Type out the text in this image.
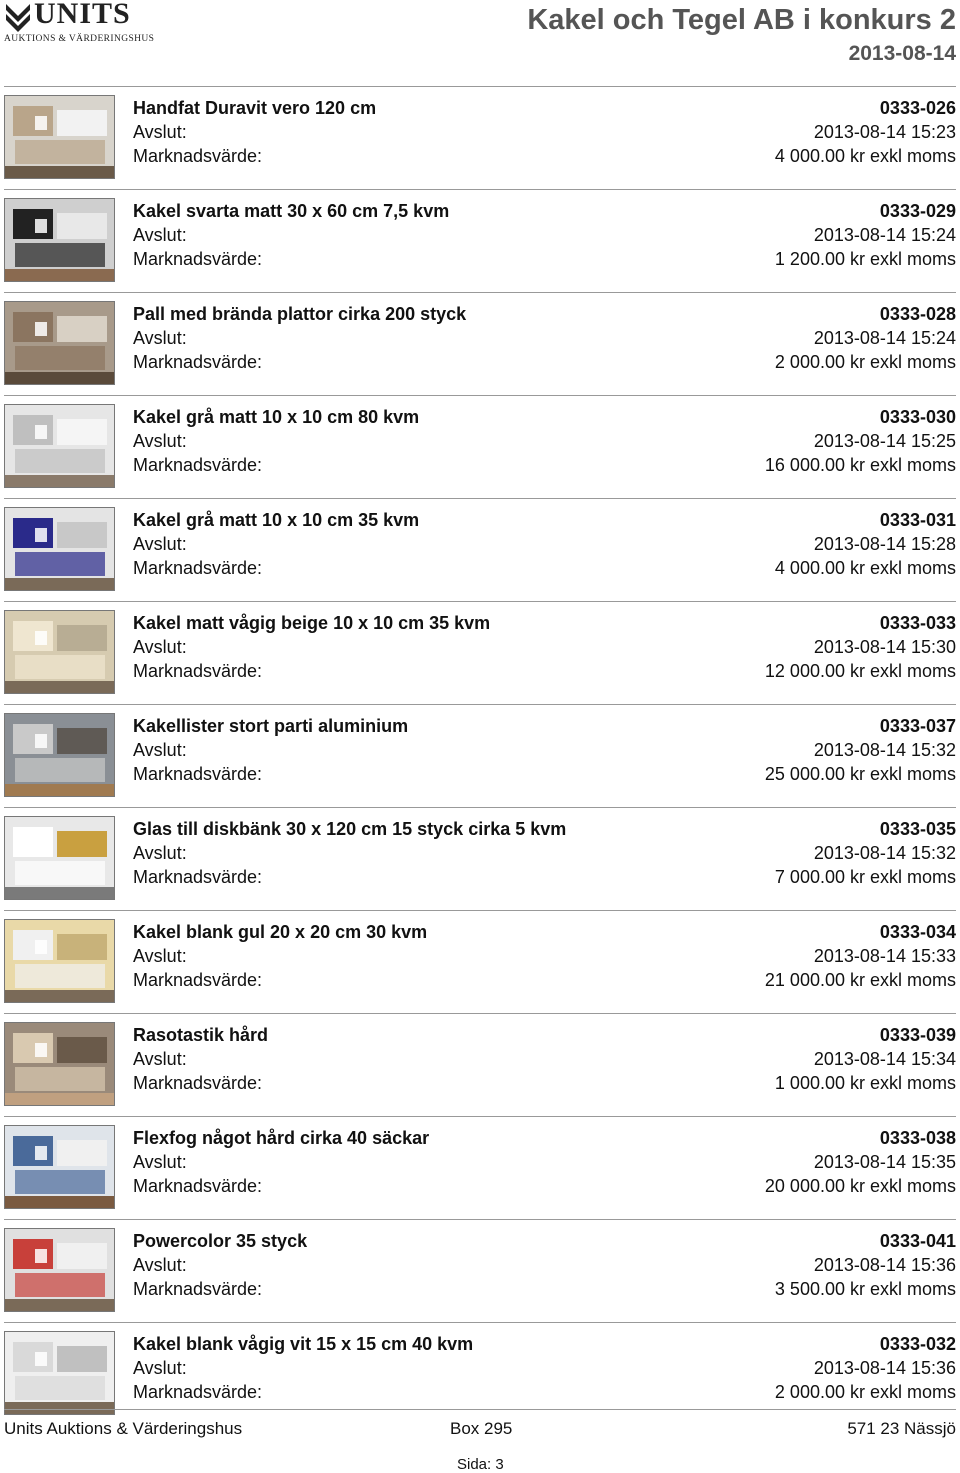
UNITS
AUKTIONS & VÄRDERINGSHUS
Kakel och Tegel AB i konkurs 2
2013-08-14
Handfat Duravit vero 120 cm	0333-026
Avslut:	2013-08-14 15:23
Marknadsvärde:	4 000.00 kr exkl moms
Kakel svarta matt 30 x 60 cm 7,5 kvm	0333-029
Avslut:	2013-08-14 15:24
Marknadsvärde:	1 200.00 kr exkl moms
Pall med brända plattor cirka 200 styck	0333-028
Avslut:	2013-08-14 15:24
Marknadsvärde:	2 000.00 kr exkl moms
Kakel grå matt 10 x 10 cm 80 kvm	0333-030
Avslut:	2013-08-14 15:25
Marknadsvärde:	16 000.00 kr exkl moms
Kakel grå matt 10 x 10 cm 35 kvm	0333-031
Avslut:	2013-08-14 15:28
Marknadsvärde:	4 000.00 kr exkl moms
Kakel matt vågig beige 10 x 10 cm 35 kvm	0333-033
Avslut:	2013-08-14 15:30
Marknadsvärde:	12 000.00 kr exkl moms
Kakellister stort parti aluminium	0333-037
Avslut:	2013-08-14 15:32
Marknadsvärde:	25 000.00 kr exkl moms
Glas till diskbänk 30 x 120 cm 15 styck cirka 5 kvm	0333-035
Avslut:	2013-08-14 15:32
Marknadsvärde:	7 000.00 kr exkl moms
Kakel blank gul 20 x 20 cm 30 kvm	0333-034
Avslut:	2013-08-14 15:33
Marknadsvärde:	21 000.00 kr exkl moms
Rasotastik hård	0333-039
Avslut:	2013-08-14 15:34
Marknadsvärde:	1 000.00 kr exkl moms
Flexfog något hård cirka 40 säckar	0333-038
Avslut:	2013-08-14 15:35
Marknadsvärde:	20 000.00 kr exkl moms
Powercolor 35 styck	0333-041
Avslut:	2013-08-14 15:36
Marknadsvärde:	3 500.00 kr exkl moms
Kakel blank vågig vit 15 x 15 cm 40 kvm	0333-032
Avslut:	2013-08-14 15:36
Marknadsvärde:	2 000.00 kr exkl moms
Units Auktions & Värderingshus	Box 295	571 23 Nässjö
Sida: 3
